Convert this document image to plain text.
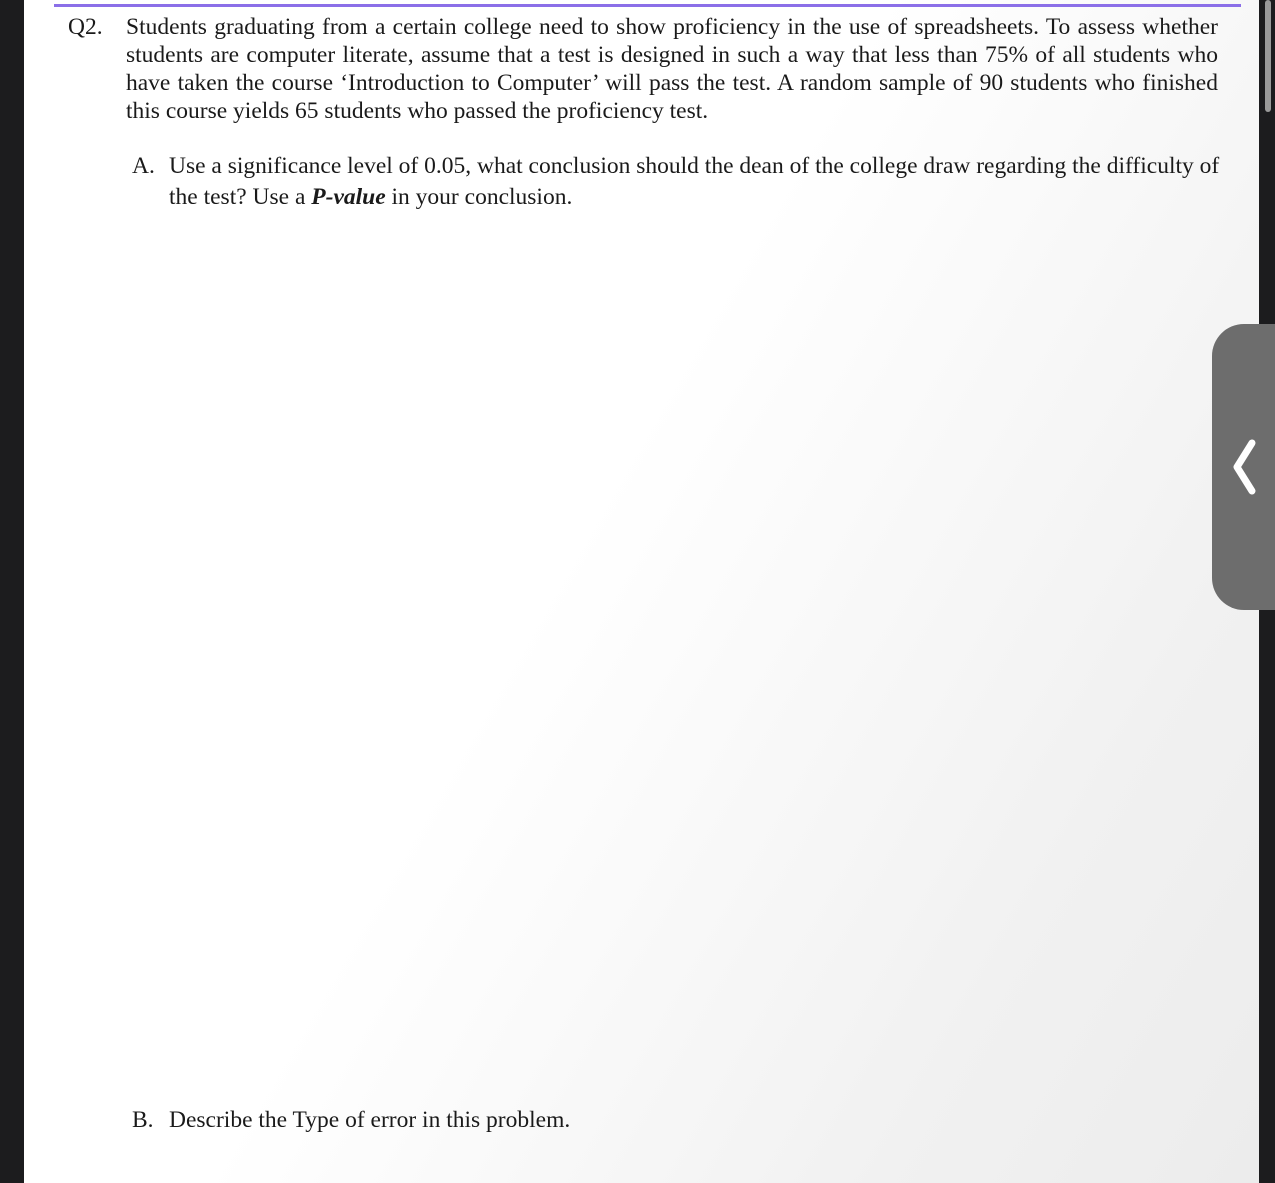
Q2. Students graduating from a certain college need to show proficiency in the use of spreadsheets. To assess whether students are computer literate, assume that a test is designed in such a way that less than 75% of all students who have taken the course ‘Introduction to Computer’ will pass the test. A random sample of 90 students who finished this course yields 65 students who passed the proficiency test.
A. Use a significance level of 0.05, what conclusion should the dean of the college draw regarding the difficulty of the test? Use a P-value in your conclusion.
B. Describe the Type of error in this problem.
